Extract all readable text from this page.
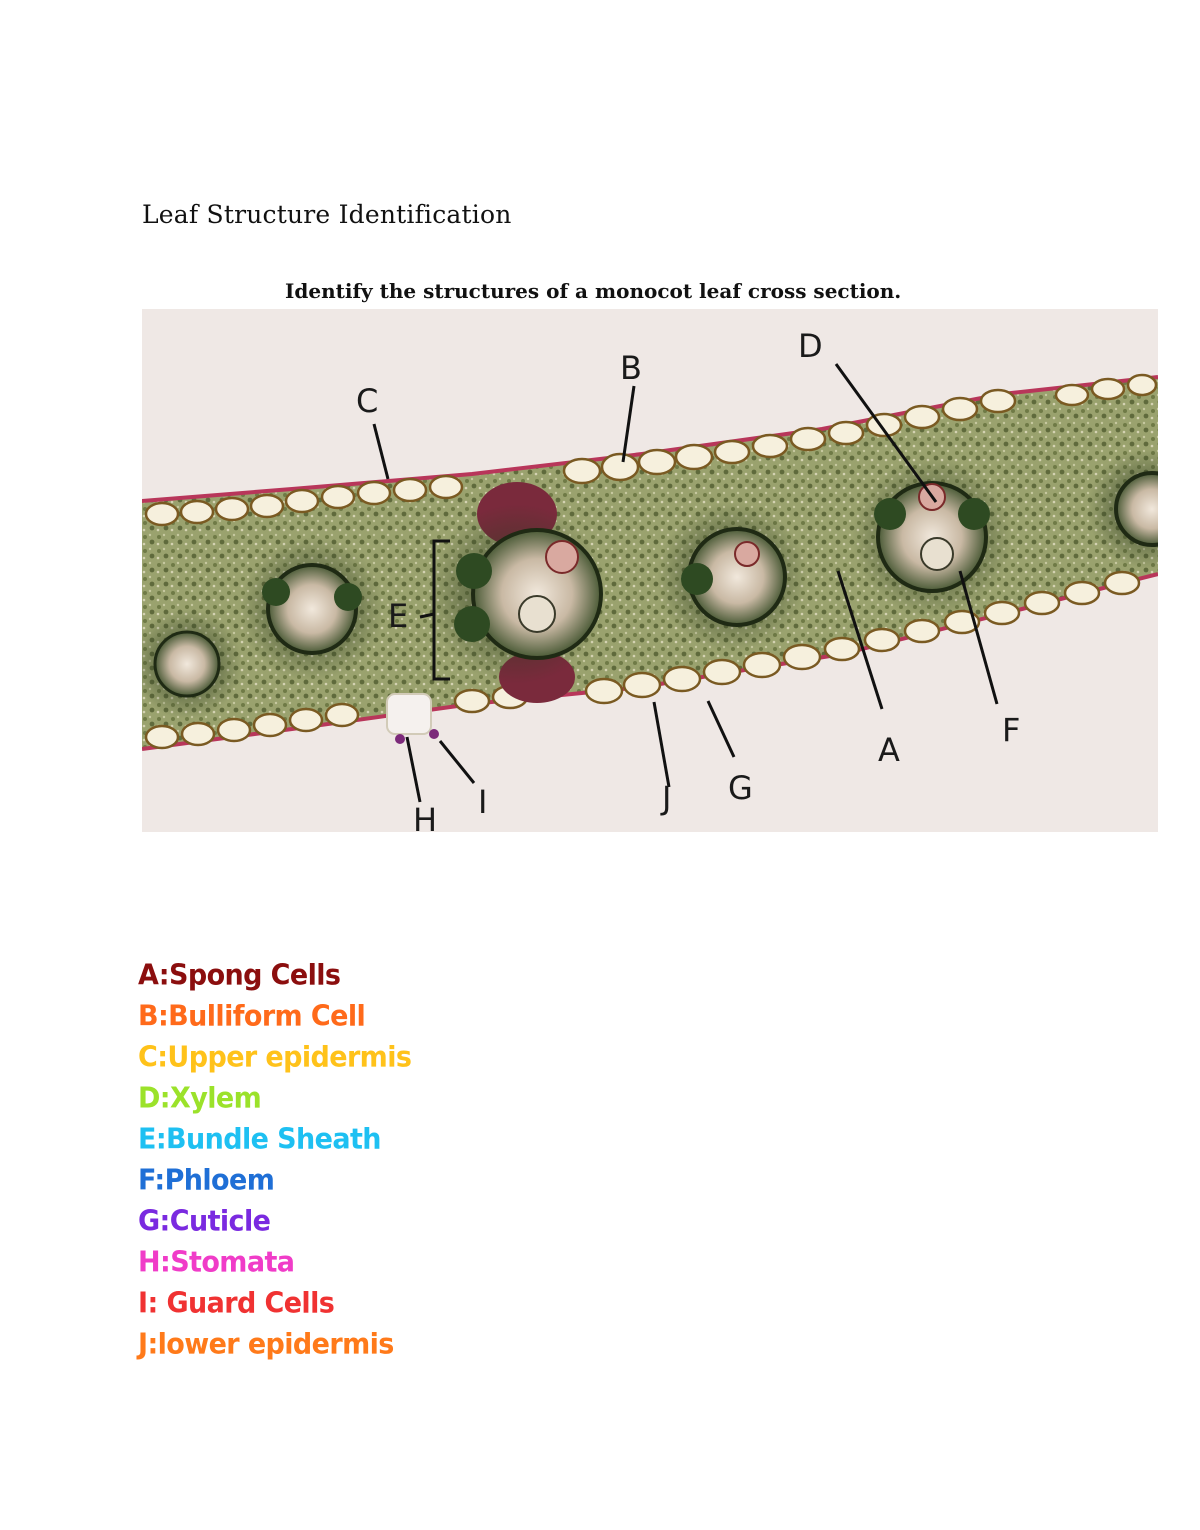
Leaf Structure Identification
Identify the structures of a monocot leaf cross section.
B
C
D
E
A
F
G
J
H I
A:Spong Cells
B:Bulliform Cell
C:Upper epidermis
D:Xylem
E:Bundle Sheath
F:Phloem
G:Cuticle
H:Stomata
I: Guard Cells
J:lower epidermis
